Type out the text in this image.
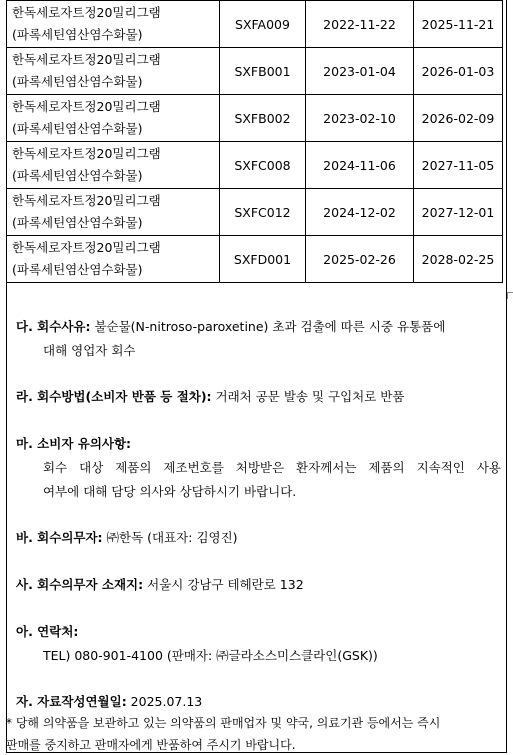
한독세로자트정20밀리그램
(파록세틴염산염수화물)	SXFA009	2022-11-22	2025-11-21

한독세로자트정20밀리그램
(파록세틴염산염수화물)	SXFB001	2023-01-04	2026-01-03

한독세로자트정20밀리그램
(파록세틴염산염수화물)	SXFB002	2023-02-10	2026-02-09

한독세로자트정20밀리그램
(파록세틴염산염수화물)	SXFC008	2024-11-06	2027-11-05

한독세로자트정20밀리그램
(파록세틴염산염수화물)	SXFC012	2024-12-02	2027-12-01

한독세로자트정20밀리그램
(파록세틴염산염수화물)	SXFD001	2025-02-26	2028-02-25
다. 회수사유: 불순물(N-nitroso-paroxetine) 초과 검출에 따른 시중 유통품에
대해 영업자 회수
라. 회수방법(소비자 반품 등 절차): 거래처 공문 발송 및 구입처로 반품
마. 소비자 유의사항:
회수 대상 제품의 제조번호를 처방받은 환자께서는 제품의 지속적인 사용
여부에 대해 담당 의사와 상담하시기 바랍니다.
바. 회수의무자: ㈜한독 (대표자: 김영진)
사. 회수의무자 소재지: 서울시 강남구 테헤란로 132
아. 연락처:
TEL) 080-901-4100 (판매자: ㈜글라소스미스클라인(GSK))
자. 자료작성연월일: 2025.07.13
* 당해 의약품을 보관하고 있는 의약품의 판매업자 및 약국, 의료기관 등에서는 즉시
판매를 중지하고 판매자에게 반품하여 주시기 바랍니다.
